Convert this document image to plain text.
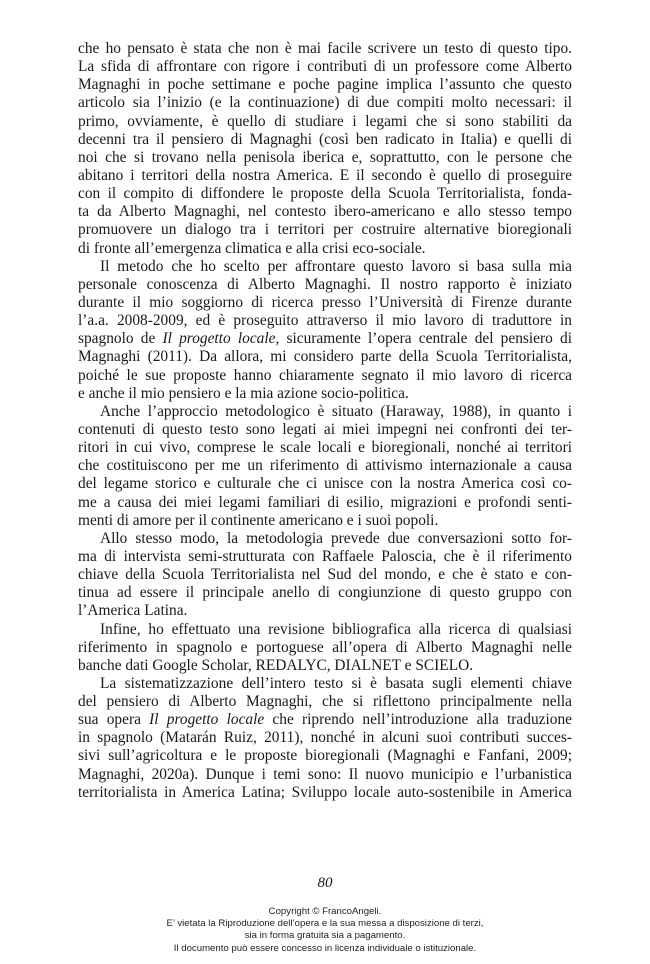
che ho pensato è stata che non è mai facile scrivere un testo di questo tipo.
La sfida di affrontare con rigore i contributi di un professore come Alberto
Magnaghi in poche settimane e poche pagine implica l’assunto che questo
articolo sia l’inizio (e la continuazione) di due compiti molto necessari: il
primo, ovviamente, è quello di studiare i legami che si sono stabiliti da
decenni tra il pensiero di Magnaghi (così ben radicato in Italia) e quelli di
noi che si trovano nella penisola iberica e, soprattutto, con le persone che
abitano i territori della nostra America. E il secondo è quello di proseguire
con il compito di diffondere le proposte della Scuola Territorialista, fonda-
ta da Alberto Magnaghi, nel contesto ibero-americano e allo stesso tempo
promuovere un dialogo tra i territori per costruire alternative bioregionali
di fronte all’emergenza climatica e alla crisi eco-sociale.
Il metodo che ho scelto per affrontare questo lavoro si basa sulla mia
personale conoscenza di Alberto Magnaghi. Il nostro rapporto è iniziato
durante il mio soggiorno di ricerca presso l’Università di Firenze durante
l’a.a. 2008-2009, ed è proseguito attraverso il mio lavoro di traduttore in
spagnolo de Il progetto locale, sicuramente l’opera centrale del pensiero di
Magnaghi (2011). Da allora, mi considero parte della Scuola Territorialista,
poiché le sue proposte hanno chiaramente segnato il mio lavoro di ricerca
e anche il mio pensiero e la mia azione socio-politica.
Anche l’approccio metodologico è situato (Haraway, 1988), in quanto i
contenuti di questo testo sono legati ai miei impegni nei confronti dei ter-
ritori in cui vivo, comprese le scale locali e bioregionali, nonché ai territori
che costituiscono per me un riferimento di attivismo internazionale a causa
del legame storico e culturale che ci unisce con la nostra America così co-
me a causa dei miei legami familiari di esilio, migrazioni e profondi senti-
menti di amore per il continente americano e i suoi popoli.
Allo stesso modo, la metodologia prevede due conversazioni sotto for-
ma di intervista semi-strutturata con Raffaele Paloscia, che è il riferimento
chiave della Scuola Territorialista nel Sud del mondo, e che è stato e con-
tinua ad essere il principale anello di congiunzione di questo gruppo con
l’America Latina.
Infine, ho effettuato una revisione bibliografica alla ricerca di qualsiasi
riferimento in spagnolo e portoguese all’opera di Alberto Magnaghi nelle
banche dati Google Scholar, REDALYC, DIALNET e SCIELO.
La sistematizzazione dell’intero testo si è basata sugli elementi chiave
del pensiero di Alberto Magnaghi, che si riflettono principalmente nella
sua opera Il progetto locale che riprendo nell’introduzione alla traduzione
in spagnolo (Matarán Ruiz, 2011), nonché in alcuni suoi contributi succes-
sivi sull’agricoltura e le proposte bioregionali (Magnaghi e Fanfani, 2009;
Magnaghi, 2020a). Dunque i temi sono: Il nuovo municipio e l’urbanistica
territorialista in America Latina; Sviluppo locale auto-sostenibile in America
80
Copyright © FrancoAngeli.
E’ vietata la Riproduzione dell’opera e la sua messa a disposizione di terzi,
sia in forma gratuita sia a pagamento.
Il documento può essere concesso in licenza individuale o istituzionale.
